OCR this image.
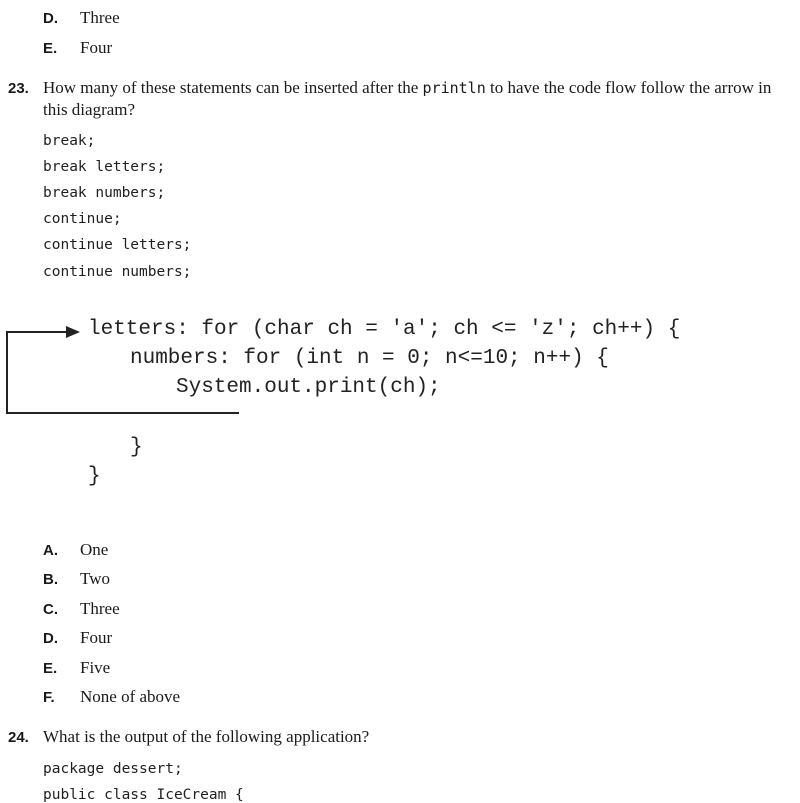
D. Three
E. Four
23. How many of these statements can be inserted after the println to have the code flow follow the arrow in this diagram?
break;
break letters;
break numbers;
continue;
continue letters;
continue numbers;
letters: for (char ch = 'a'; ch <= 'z'; ch++) {
numbers: for (int n = 0; n<=10; n++) {
System.out.print(ch);
}
}
A. One
B. Two
C. Three
D. Four
E. Five
F. None of above
24. What is the output of the following application?
package dessert;
public class IceCream {
